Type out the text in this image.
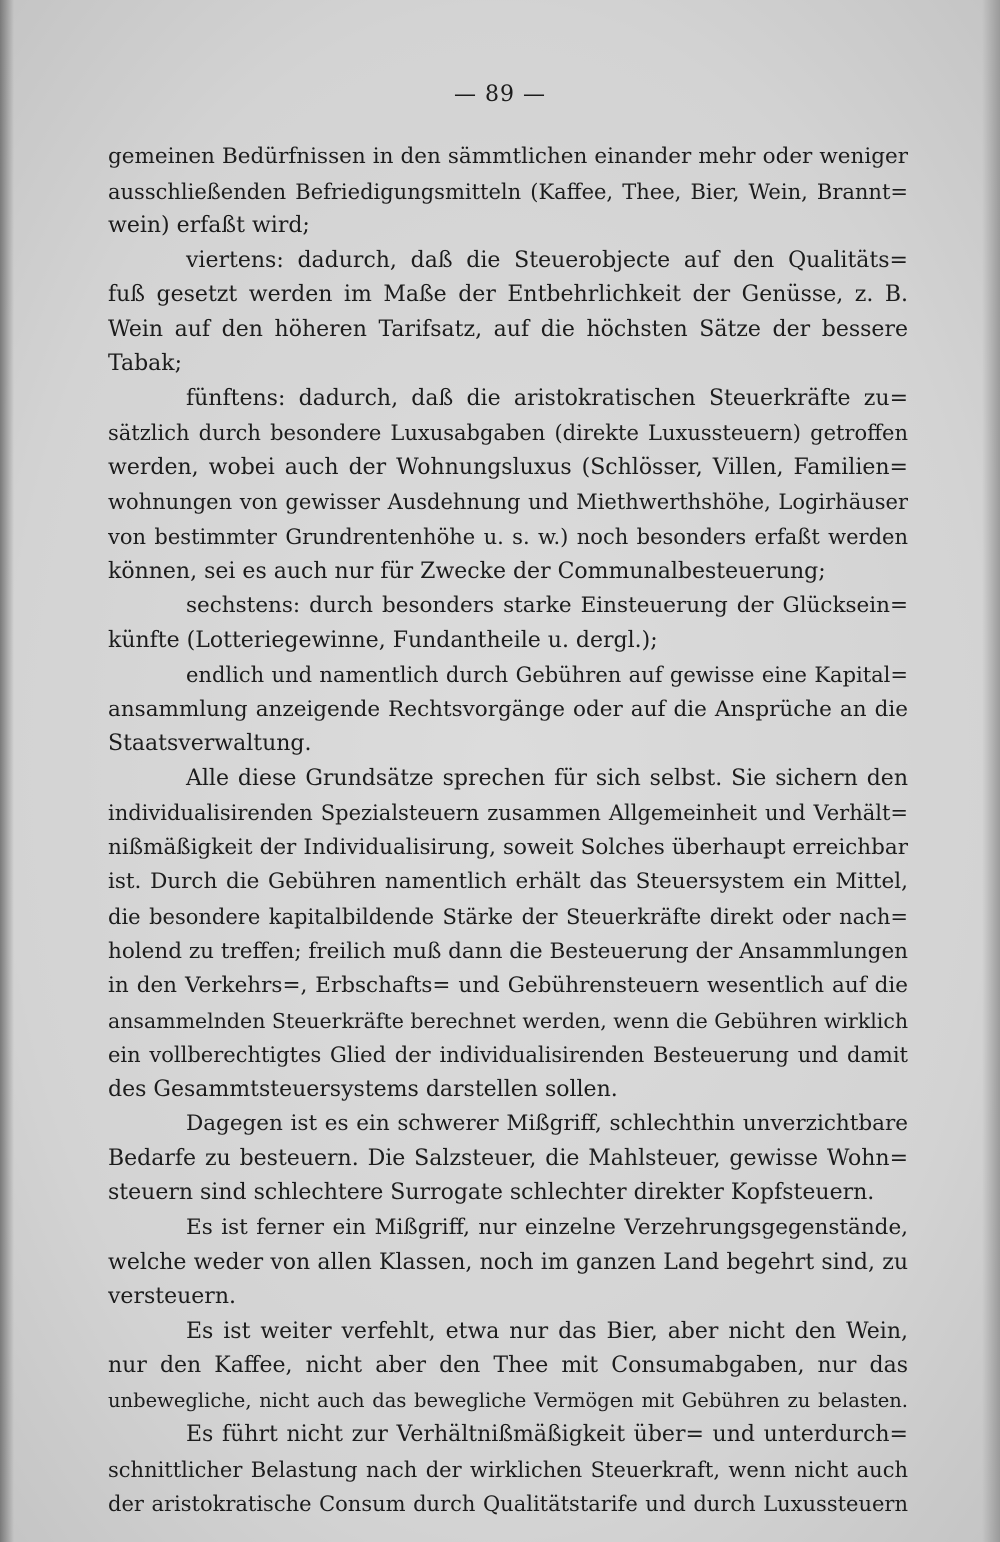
— 89 —
gemeinen Bedürfnissen in den sämmtlichen einander mehr oder weniger
ausschließenden Befriedigungsmitteln (Kaffee, Thee, Bier, Wein, Brannt=
wein) erfaßt wird;
viertens: dadurch, daß die Steuerobjecte auf den Qualitäts=
fuß gesetzt werden im Maße der Entbehrlichkeit der Genüsse, z. B.
Wein auf den höheren Tarifsatz, auf die höchsten Sätze der bessere
Tabak;
fünftens: dadurch, daß die aristokratischen Steuerkräfte zu=
sätzlich durch besondere Luxusabgaben (direkte Luxussteuern) getroffen
werden, wobei auch der Wohnungsluxus (Schlösser, Villen, Familien=
wohnungen von gewisser Ausdehnung und Miethwerthshöhe, Logirhäuser
von bestimmter Grundrentenhöhe u. s. w.) noch besonders erfaßt werden
können, sei es auch nur für Zwecke der Communalbesteuerung;
sechstens: durch besonders starke Einsteuerung der Glücksein=
künfte (Lotteriegewinne, Fundantheile u. dergl.);
endlich und namentlich durch Gebühren auf gewisse eine Kapital=
ansammlung anzeigende Rechtsvorgänge oder auf die Ansprüche an die
Staatsverwaltung.
Alle diese Grundsätze sprechen für sich selbst. Sie sichern den
individualisirenden Spezialsteuern zusammen Allgemeinheit und Verhält=
nißmäßigkeit der Individualisirung, soweit Solches überhaupt erreichbar
ist. Durch die Gebühren namentlich erhält das Steuersystem ein Mittel,
die besondere kapitalbildende Stärke der Steuerkräfte direkt oder nach=
holend zu treffen; freilich muß dann die Besteuerung der Ansammlungen
in den Verkehrs=, Erbschafts= und Gebührensteuern wesentlich auf die
ansammelnden Steuerkräfte berechnet werden, wenn die Gebühren wirklich
ein vollberechtigtes Glied der individualisirenden Besteuerung und damit
des Gesammtsteuersystems darstellen sollen.
Dagegen ist es ein schwerer Mißgriff, schlechthin unverzichtbare
Bedarfe zu besteuern. Die Salzsteuer, die Mahlsteuer, gewisse Wohn=
steuern sind schlechtere Surrogate schlechter direkter Kopfsteuern.
Es ist ferner ein Mißgriff, nur einzelne Verzehrungsgegenstände,
welche weder von allen Klassen, noch im ganzen Land begehrt sind, zu
versteuern.
Es ist weiter verfehlt, etwa nur das Bier, aber nicht den Wein,
nur den Kaffee, nicht aber den Thee mit Consumabgaben, nur das
unbewegliche, nicht auch das bewegliche Vermögen mit Gebühren zu belasten.
Es führt nicht zur Verhältnißmäßigkeit über= und unterdurch=
schnittlicher Belastung nach der wirklichen Steuerkraft, wenn nicht auch
der aristokratische Consum durch Qualitätstarife und durch Luxussteuern
